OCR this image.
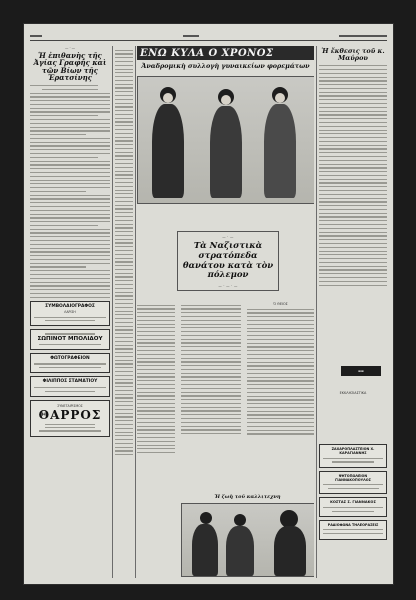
— · —
Ἡ ἐπιθανὴς τῆς Ἀγίας Γραφῆς καὶ τῶν Βίων τῆς Ἐρατσίνης
ΣΥΜΒΟΛΑΙΟΓΡΑΦΟΣ
ΛΑΡΙΣΗ
ΣΩΠΙΝΟΤ ΜΠΟΛΙΔΟΥ
ΦΩΤΟΓΡΑΦΕΙΟΝ
ΦΙΛΙΠΠΟΣ ΣΤΑΜΑΤΙΟΥ
ΣΥΝΕΤΑΙΡΙΣΜΟΣ
ΘΑΡΡΟΣ
ΕΝΩ ΚΥΛΑ Ο ΧΡΟΝΟΣ
Ἀναδρομικὴ συλλογὴ γυναικείων φορεμάτων
— · —
Τὰ Ναζιστικὰ στρατόπεδα θανάτου κατὰ τὸν πόλεμον
— · — · —
Ὁ ΘΕΙΟΣ
Ἡ ζωὴ τοῦ καλλιτεχνη
Ἡ ἔκθεσις τοῦ κ. Μαύρου
▬▬
ΕΚΚΛΗΣΙΑΣΤΙΚΑ
ΖΑΧΑΡΟΠΛΑΣΤΕΙΟΝ Χ. ΚΑΡΑΓΙΑΝΝΗΣ
ΨΗΤΟΠΩΛΕΙΟΝ ΓΙΑΝΝΑΚΟΠΟΥΛΟΣ
ΚΟΣΤΑΣ Σ. ΓΙΑΝΝΑΚΟΣ
ΡΑΔΙΟΦΩΝΑ ΤΗΛΕΟΡΑΣΕΙΣ
